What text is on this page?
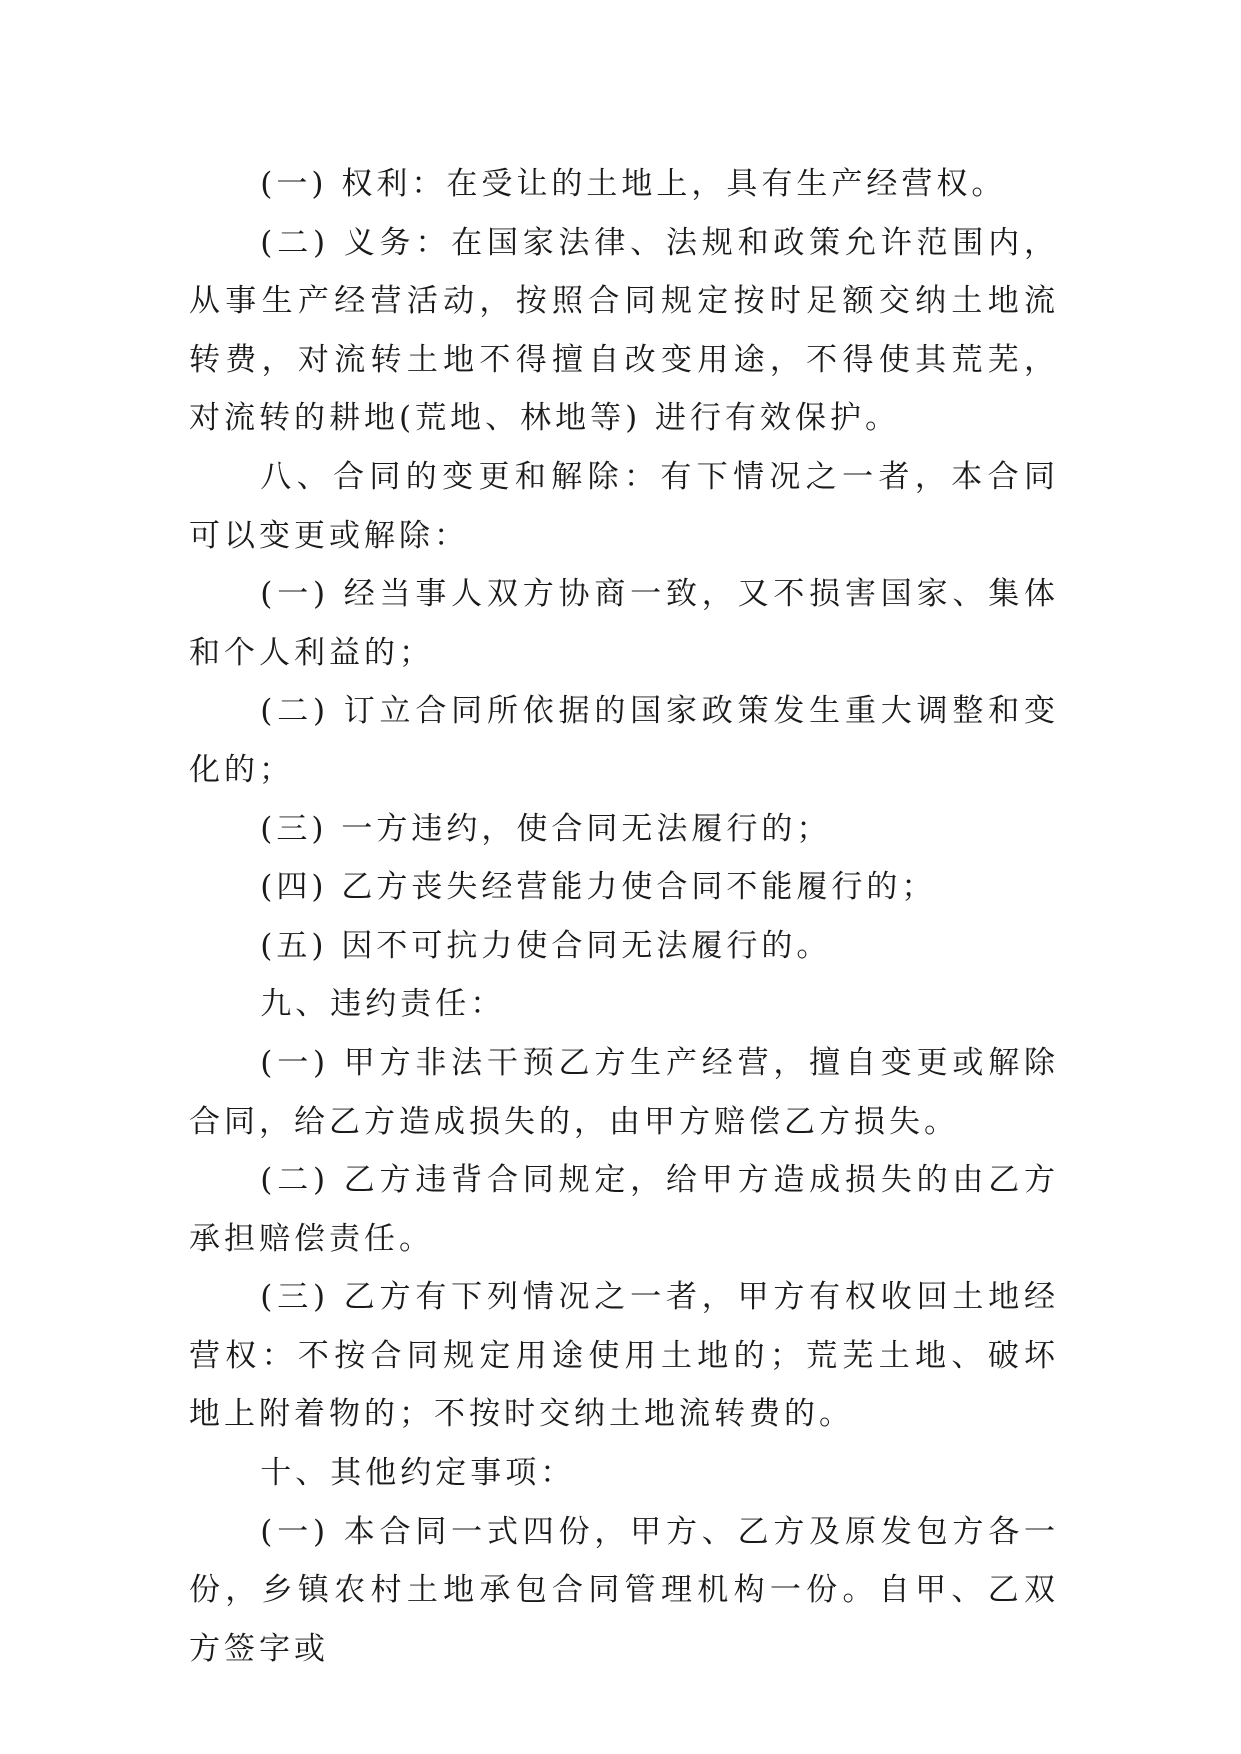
(一) 权利：在受让的土地上，具有生产经营权。

(二) 义务：在国家法律、法规和政策允许范围内，从事生产经营活动，按照合同规定按时足额交纳土地流转费，对流转土地不得擅自改变用途，不得使其荒芜，对流转的耕地(荒地、林地等) 进行有效保护。

八、合同的变更和解除：有下情况之一者，本合同可以变更或解除：

(一) 经当事人双方协商一致，又不损害国家、集体和个人利益的；

(二) 订立合同所依据的国家政策发生重大调整和变化的；

(三) 一方违约，使合同无法履行的；

(四) 乙方丧失经营能力使合同不能履行的；

(五) 因不可抗力使合同无法履行的。

九、违约责任：

(一) 甲方非法干预乙方生产经营，擅自变更或解除合同，给乙方造成损失的，由甲方赔偿乙方损失。

(二) 乙方违背合同规定，给甲方造成损失的由乙方承担赔偿责任。

(三) 乙方有下列情况之一者，甲方有权收回土地经营权：不按合同规定用途使用土地的；荒芜土地、破坏地上附着物的；不按时交纳土地流转费的。

十、其他约定事项：

(一) 本合同一式四份，甲方、乙方及原发包方各一份，乡镇农村土地承包合同管理机构一份。自甲、乙双方签字或
